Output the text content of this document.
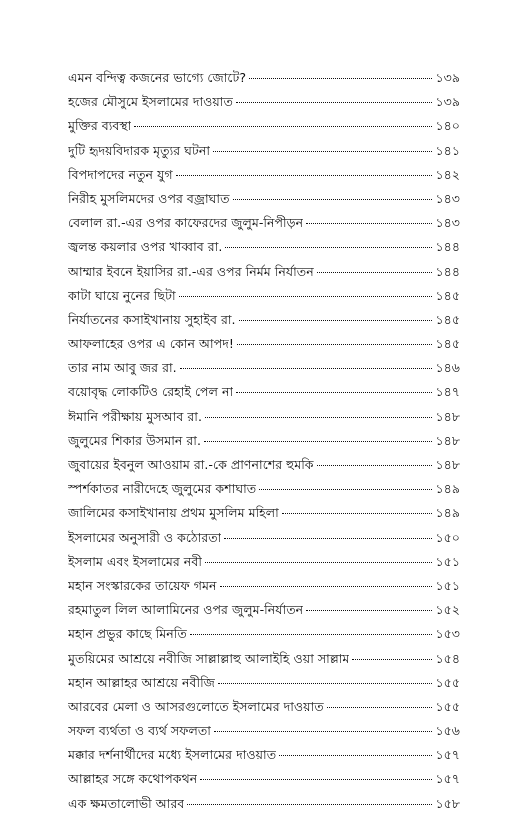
এমন বন্দিত্ব কজনের ভাগ্যে জোটে?	১৩৯
হজের মৌসুমে ইসলামের দাওয়াত	১৩৯
মুক্তির ব্যবস্থা	১৪০
দুটি হৃদয়বিদারক মৃত্যুর ঘটনা	১৪১
বিপদাপদের নতুন যুগ	১৪২
নিরীহ মুসলিমদের ওপর বজ্রাঘাত	১৪৩
বেলাল রা.-এর ওপর কাফেরদের জুলুম-নিপীড়ন	১৪৩
জ্বলন্ত কয়লার ওপর খাব্বাব রা.	১৪৪
আম্মার ইবনে ইয়াসির রা.-এর ওপর নির্মম নির্যাতন	১৪৪
কাটা ঘায়ে নুনের ছিটা	১৪৫
নির্যাতনের কসাইখানায় সুহাইব রা.	১৪৫
আফলাহের ওপর এ কোন আপদ!	১৪৫
তার নাম আবু জর রা.	১৪৬
বয়োবৃদ্ধ লোকটিও রেহাই পেল না	১৪৭
ঈমানি পরীক্ষায় মুসআব রা.	১৪৮
জুলুমের শিকার উসমান রা.	১৪৮
জুবায়ের ইবনুল আওয়াম রা.-কে প্রাণনাশের হুমকি	১৪৮
স্পর্শকাতর নারীদেহে জুলুমের কশাঘাত	১৪৯
জালিমের কসাইখানায় প্রথম মুসলিম মহিলা	১৪৯
ইসলামের অনুসারী ও কঠোরতা	১৫০
ইসলাম এবং ইসলামের নবী	১৫১
মহান সংস্কারকের তায়েফ গমন	১৫১
রহমাতুল লিল আলামিনের ওপর জুলুম-নির্যাতন	১৫২
মহান প্রভুর কাছে মিনতি	১৫৩
মুতয়িমের আশ্রয়ে নবীজি সাল্লাল্লাহু আলাইহি ওয়া সাল্লাম	১৫৪
মহান আল্লাহর আশ্রয়ে নবীজি	১৫৫
আরবের মেলা ও আসরগুলোতে ইসলামের দাওয়াত	১৫৫
সফল ব্যর্থতা ও ব্যর্থ সফলতা	১৫৬
মক্কার দর্শনার্থীদের মধ্যে ইসলামের দাওয়াত	১৫৭
আল্লাহর সঙ্গে কথোপকথন	১৫৭
এক ক্ষমতালোভী আরব	১৫৮
